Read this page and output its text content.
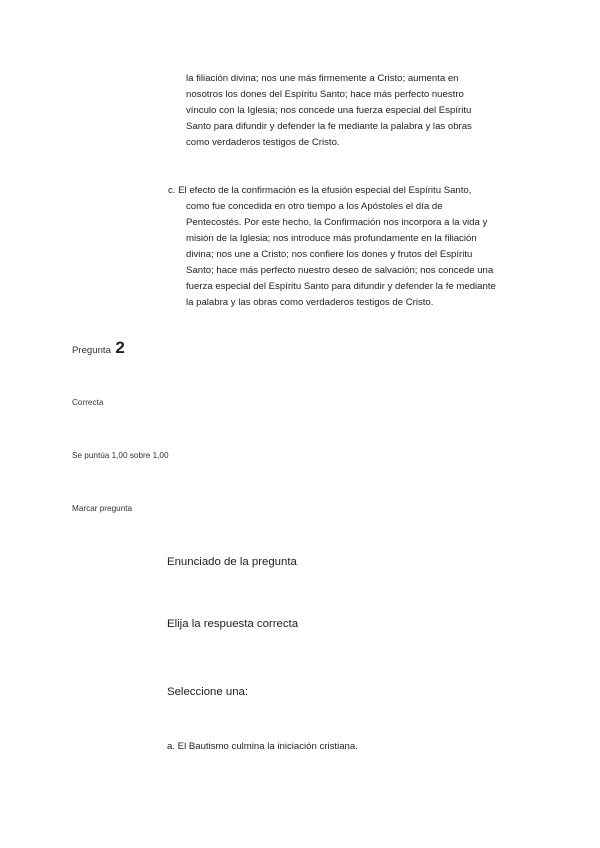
la filiación divina; nos une más firmemente a Cristo; aumenta en
nosotros los dones del Espíritu Santo; hace más perfecto nuestro
vínculo con la Iglesia; nos concede una fuerza especial del Espíritu
Santo para difundir y defender la fe mediante la palabra y las obras
como verdaderos testigos de Cristo.
c. El efecto de la confirmación es la efusión especial del Espíritu Santo,
como fue concedida en otro tiempo a los Apóstoles el día de
Pentecostés. Por este hecho, la Confirmación nos incorpora a la vida y
misión de la Iglesia; nos introduce más profundamente en la filiación
divina; nos une a Cristo; nos confiere los dones y frutos del Espíritu
Santo; hace más perfecto nuestro deseo de salvación; nos concede una
fuerza especial del Espíritu Santo para difundir y defender la fe mediante
la palabra y las obras como verdaderos testigos de Cristo.
Pregunta 2
Correcta
Se puntúa 1,00 sobre 1,00
Marcar pregunta
Enunciado de la pregunta
Elija la respuesta correcta
Seleccione una:
a. El Bautismo culmina la iniciación cristiana.
